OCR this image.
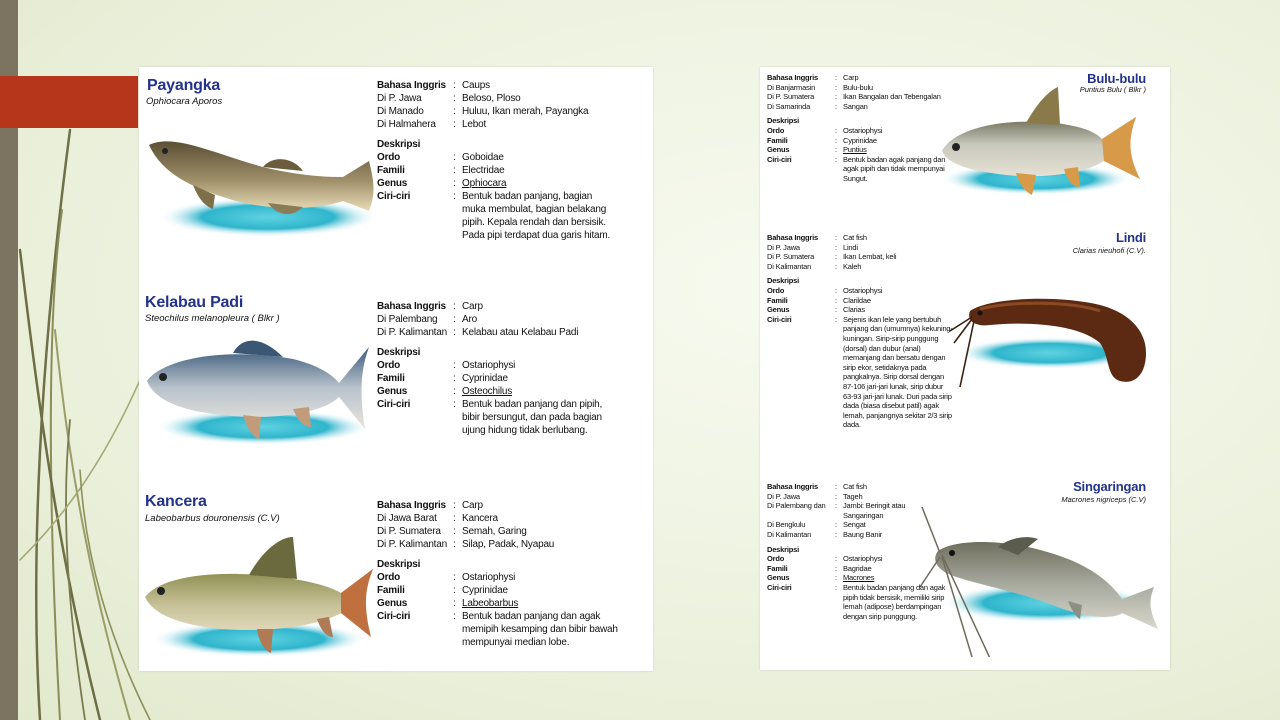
Payangka
Ophiocara Aporos
Bahasa Inggris : Caups
Di P. Jawa	: Beloso, Ploso
Di Manado	: Huluu, Ikan merah, Payangka
Di Halmahera	: Lebot
Deskripsi
Ordo	: Goboidae
Famili	: Electridae
Genus	: Ophiocara
Ciri-ciri	: Bentuk badan panjang, bagian muka membulat, bagian belakang pipih. Kepala rendah dan bersisik. Pada pipi terdapat dua garis hitam.
Kelabau Padi
Steochilus melanopleura ( Blkr )
Bahasa Inggris : Carp
Di Palembang	: Aro
Di P. Kalimantan : Kelabau atau Kelabau Padi
Deskripsi
Ordo	: Ostariophysi
Famili	: Cyprinidae
Genus	: Osteochilus
Ciri-ciri	: Bentuk badan panjang dan pipih, bibir bersungut, dan pada bagian ujung hidung tidak berlubang.
Kancera
Labeobarbus douronensis (C.V)
Bahasa Inggris : Carp
Di Jawa Barat	: Kancera
Di P. Sumatera	: Semah, Garing
Di P. Kalimantan : Silap, Padak, Nyapau
Deskripsi
Ordo	: Ostariophysi
Famili	: Cyprinidae
Genus	: Labeobarbus
Ciri-ciri	: Bentuk badan panjang dan agak memipih kesamping dan bibir bawah mempunyai median lobe.
Bulu-bulu
Puntius Bulu ( Blkr )
Bahasa Inggris	: Carp
Di Banjarmasin	: Bulu-bulu
Di P. Sumatera	: Ikan Bangalan dan Tebengalan
Di Samarinda	: Sangan
Deskripsi
Ordo	: Ostariophysi
Famili	: Cyprinidae
Genus	: Puntius
Ciri-ciri	: Bentuk badan agak panjang dan agak pipih dan tidak mempunyai Sungut.
Lindi
Clarias nieuhofi (C.V).
Bahasa Inggris	: Cat fish
Di P. Jawa	: Lindi
Di P. Sumatera	: Ikan Lembat, keli
Di Kalimantan	: Kaleh
Deskripsi
Ordo	: Ostariophysi
Famili	: Clarildae
Genus	: Clarias
Ciri-ciri	: Sejenis ikan lele yang bertubuh panjang dan (umumnya) kekuning-kuningan. Sirip-sirip punggung (dorsal) dan dubur (anal) memanjang dan bersatu dengan sirip ekor, setidaknya pada pangkalnya. Sirip dorsal dengan 87-106 jari-jari lunak, sirip dubur 63-93 jari-jari lunak. Duri pada sirip dada (biasa disebut patil) agak lemah, panjangnya sekitar 2/3 sirip dada.
Singaringan
Macrones nigriceps (C.V)
Bahasa Inggris	: Cat fish
Di P. Jawa	: Tageh
Di Palembang dan	: Jambi: Beringit atau Sangaringan
Di Bengkulu	: Sengat
Di Kalimantan	: Baung Banir
Deskripsi
Ordo	: Ostariophysi
Famili	: Bagridae
Genus	: Macrones
Ciri-ciri	: Bentuk badan panjang dan agak pipih tidak bersisik, memiliki sirip lemah (adipose) berdampingan dengan sirip punggung.
